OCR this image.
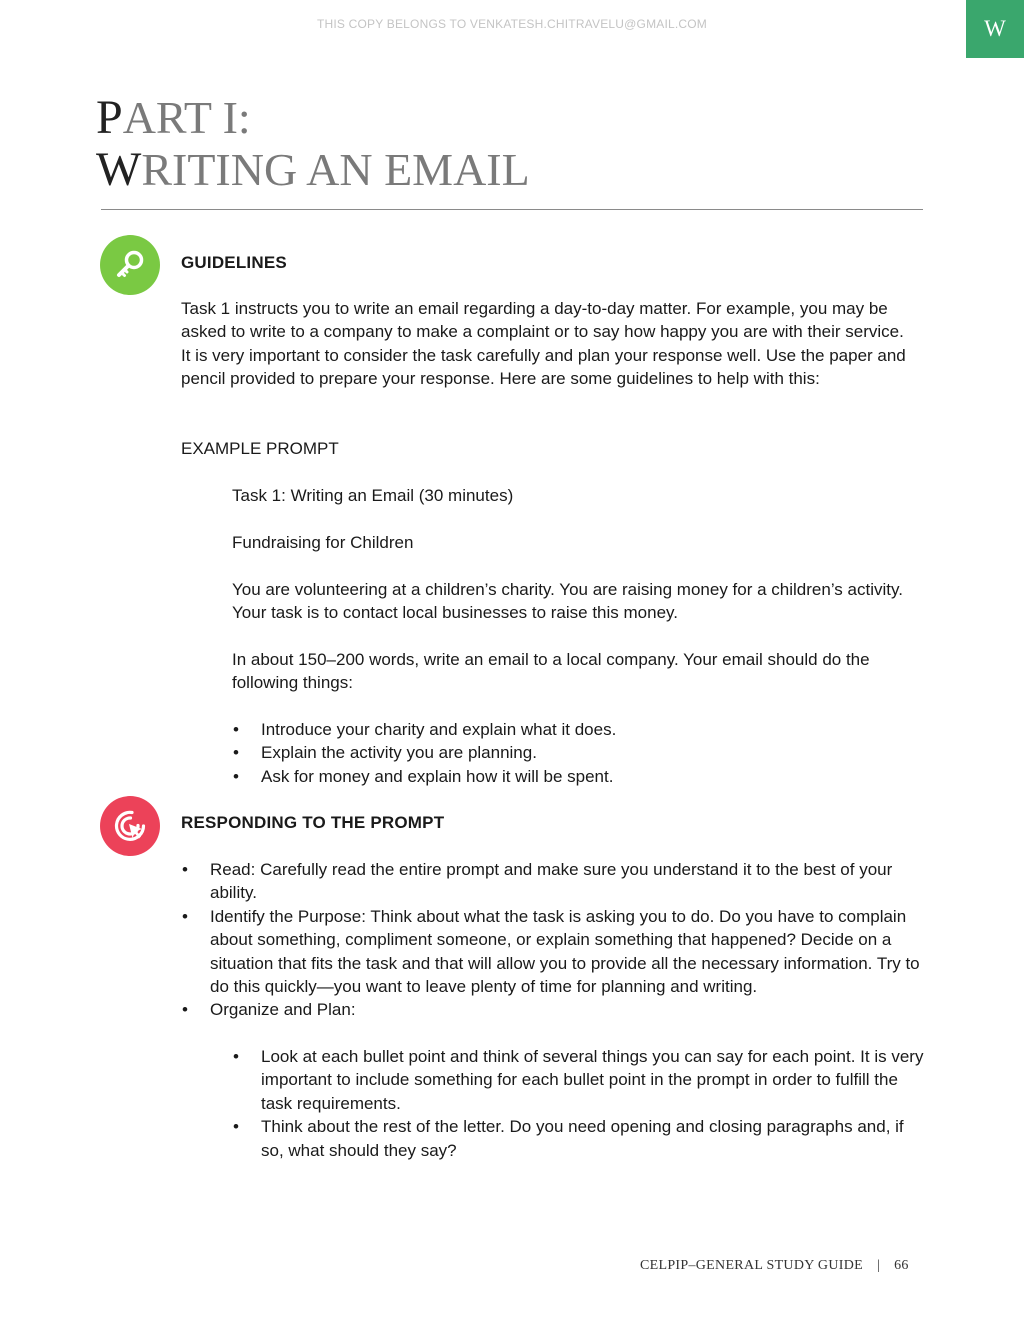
THIS COPY BELONGS TO VENKATESH.CHITRAVELU@GMAIL.COM	W
PART I:
WRITING AN EMAIL
GUIDELINES
Task 1 instructs you to write an email regarding a day-to-day matter. For example, you may be asked to write to a company to make a complaint or to say how happy you are with their service. It is very important to consider the task carefully and plan your response well. Use the paper and pencil provided to prepare your response. Here are some guidelines to help with this:
EXAMPLE PROMPT
Task 1: Writing an Email (30 minutes)
Fundraising for Children
You are volunteering at a children’s charity. You are raising money for a children’s activity. Your task is to contact local businesses to raise this money.
In about 150–200 words, write an email to a local company. Your email should do the following things:
• Introduce your charity and explain what it does.
• Explain the activity you are planning.
• Ask for money and explain how it will be spent.
RESPONDING TO THE PROMPT
• Read: Carefully read the entire prompt and make sure you understand it to the best of your ability.
• Identify the Purpose: Think about what the task is asking you to do. Do you have to complain about something, compliment someone, or explain something that happened? Decide on a situation that fits the task and that will allow you to provide all the necessary information. Try to do this quickly—you want to leave plenty of time for planning and writing.
• Organize and Plan:
• Look at each bullet point and think of several things you can say for each point. It is very important to include something for each bullet point in the prompt in order to fulfill the task requirements.
• Think about the rest of the letter. Do you need opening and closing paragraphs and, if so, what should they say?
CELPIP–GENERAL STUDY GUIDE | 66
